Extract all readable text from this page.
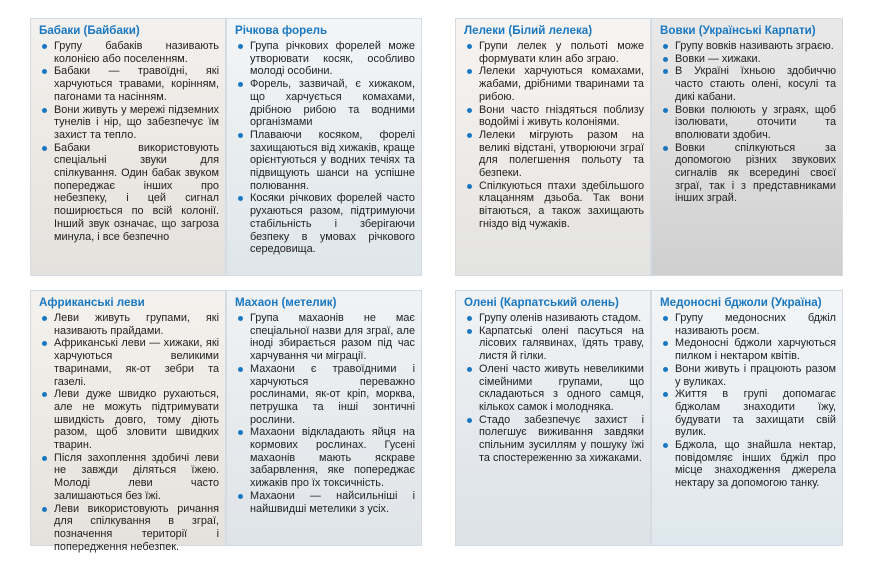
Бабаки (Байбаки)
Групу бабаків називають колонією або поселенням.
Бабаки — травоїдні, які харчуються травами, корінням, пагонами та насінням.
Вони живуть у мережі підземних тунелів і нір, що забезпечує їм захист та тепло.
Бабаки використовують спеціальні звуки для спілкування. Один бабак звуком попереджає інших про небезпеку, і цей сигнал поширюється по всій колонії. Інший звук означає, що загроза минула, і все безпечно
Річкова форель
Група річкових форелей може утворювати косяк, особливо молоді особини.
Форель, зазвичай, є хижаком, що харчується комахами, дрібною рибою та водними організмами
Плаваючи косяком, форелі захищаються від хижаків, краще орієнтуються у водних течіях та підвищують шанси на успішне полювання.
Косяки річкових форелей часто рухаються разом, підтримуючи стабільність і зберігаючи безпеку в умовах річкового середовища.
Лелеки (Білий лелека)
Групи лелек у польоті може формувати клин або зграю.
Лелеки харчуються комахами, жабами, дрібними тваринами та рибою.
Вони часто гніздяться поблизу водоймі і живуть колоніями.
Лелеки мігрують разом на великі відстані, утворюючи зграї для полегшення польоту та безпеки.
Спілкуються птахи здебільшого клацанням дзьоба. Так вони вітаються, а також захищають гніздо від чужаків.
Вовки (Українські Карпати)
Групу вовків називають зграєю.
Вовки — хижаки.
В Україні їхньою здобиччю часто стають олені, косулі та дикі кабани.
Вовки полюють у зграях, щоб ізолювати, оточити та вполювати здобич.
Вовки спілкуються за допомогою різних звукових сигналів як всередині своєї зграї, так і з представниками інших зграй.
Африканські леви
Леви живуть групами, які називають прайдами.
Африканські леви — хижаки, які харчуються великими тваринами, як-от зебри та газелі.
Леви дуже швидко рухаються, але не можуть підтримувати швидкість довго, тому діють разом, щоб зловити швидких тварин.
Після захоплення здобичі леви не завжди діляться їжею. Молоді леви часто залишаються без їжі.
Леви використовують ричання для спілкування в зграї, позначення території і попередження небезпек.
Махаон (метелик)
Група махаонів не має спеціальної назви для зграї, але іноді збирається разом під час харчування чи міграції.
Махаони є травоїдними і харчуються переважно рослинами, як-от кріп, морква, петрушка та інші зонтичні рослини.
Махаони відкладають яйця на кормових рослинах. Гусені махаонів мають яскраве забарвлення, яке попереджає хижаків про їх токсичність.
Махаони — найсильніші і найшвидші метелики з усіх.
Олені (Карпатський олень)
Групу оленів називають стадом.
Карпатські олені пасуться на лісових галявинах, їдять траву, листя й гілки.
Олені часто живуть невеликими сімейними групами, що складаються з одного самця, кількох самок і молодняка.
Стадо забезпечує захист і полегшує виживання завдяки спільним зусиллям у пошуку їжі та спостереженню за хижаками.
Медоносні бджоли (Україна)
Групу медоносних бджіл називають роєм.
Медоносні бджоли харчуються пилком і нектаром квітів.
Вони живуть і працюють разом у вуликах.
Життя в групі допомагає бджолам знаходити їжу, будувати та захищати свій вулик.
Бджола, що знайшла нектар, повідомляє інших бджіл про місце знаходження джерела нектару за допомогою танку.
